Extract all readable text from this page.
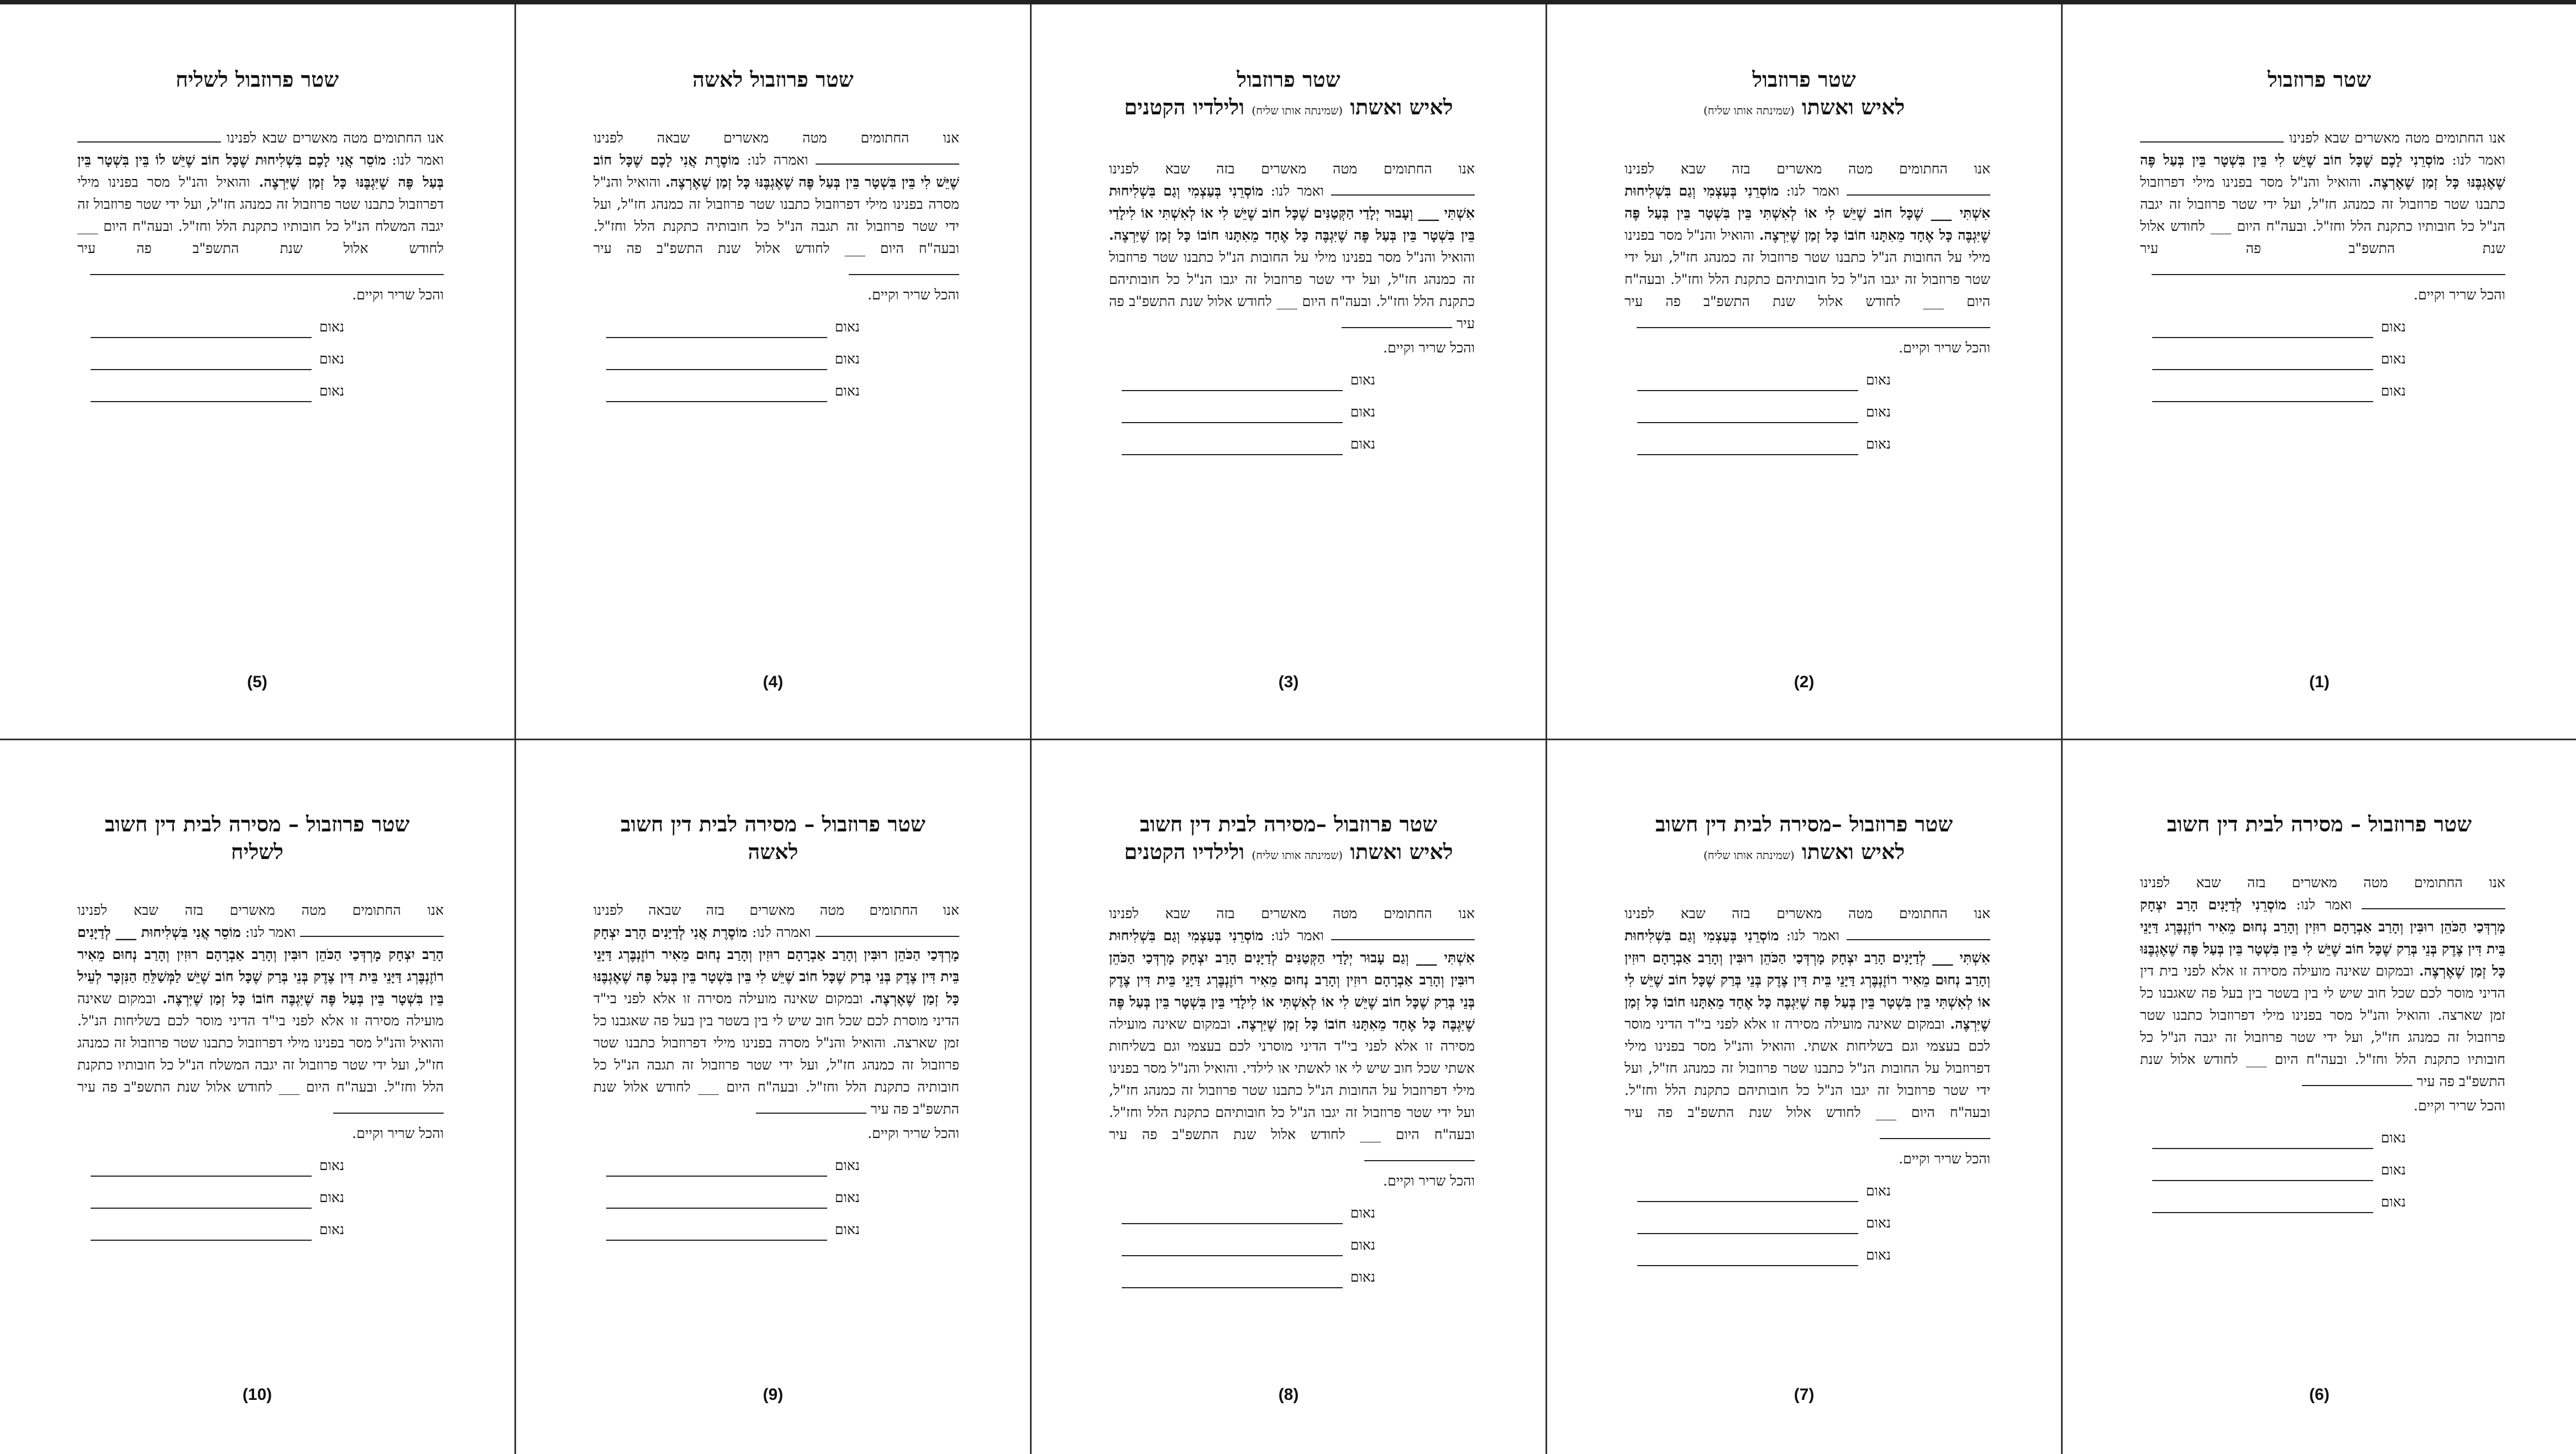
שטר פרוזבול לשליח
אנו החתומים מטה מאשרים שבא לפנינו  ואמר לנו: מוֹסֵר אֲנִי לָכֶם בִּשְׁלִיחוּת שֶׁכָּל חוֹב שֶׁיֵּשׁ לוֹ בֵּין בִּשְׁטָר בֵּין בְּעַל פֶּה שֶׁיִּגְבֶּנּוּ כָּל זְמַן שֶׁיִּרְצֶה. והואיל והנ"ל מסר בפנינו מילי דפרוזבול כתבנו שטר פרוזבול זה כמנהג חז"ל, ועל ידי שטר פרוזבול זה יגבה המשלח הנ"ל כל חובותיו כתקנת הלל וחז"ל. ובעה"ח היום ___ לחודש אלול שנת התשפ"ב פה עיר
והכל שריר וקיים.
נאום
נאום
נאום
(5)
שטר פרוזבול לאשה
אנו החתומים מטה מאשרים שבאה לפנינו  ואמרה לנו: מוֹסֶרֶת אֲנִי לָכֶם שֶׁכָּל חוֹב שֶׁיֵּשׁ לִי בֵּין בִּשְׁטָר בֵּין בְּעַל פֶּה שֶׁאֶגְבֶּנּוּ כָּל זְמַן שֶׁאֶרְצֶה. והואיל והנ"ל מסרה בפנינו מילי דפרוזבול כתבנו שטר פרוזבול זה כמנהג חז"ל, ועל ידי שטר פרוזבול זה תגבה הנ"ל כל חובותיה כתקנת הלל וחז"ל. ובעה"ח היום ___ לחודש אלול שנת התשפ"ב פה עיר
והכל שריר וקיים.
נאום
נאום
נאום
(4)
שטר פרוזבול
לאיש ואשתו (שמינתה אותו שליח) ולילדיו הקטנים
אנו החתומים מטה מאשרים בזה שבא לפנינו  ואמר לנו: מוֹסְרֵנִי בְּעַצְמִי וְגַם בִּשְׁלִיחוּת אִשְׁתִּי ___ וְעָבוּר יְלָדַי הַקְּטַנִּים שֶׁכָּל חוֹב שֶׁיֵּשׁ לִי אוֹ לְאִשְׁתִּי אוֹ לִילָדַי בֵּין בִּשְׁטָר בֵּין בְּעַל פֶּה שֶׁיִּגְבֶּה כָּל אֶחָד מֵאִתָּנוּ חוֹבוֹ כָּל זְמַן שֶׁיִּרְצֶה. והואיל והנ"ל מסר בפנינו מילי על החובות הנ"ל כתבנו שטר פרוזבול זה כמנהג חז"ל, ועל ידי שטר פרוזבול זה יגבו הנ"ל כל חובותיהם כתקנת הלל וחז"ל. ובעה"ח היום ___ לחודש אלול שנת התשפ"ב פה עיר
והכל שריר וקיים.
נאום
נאום
נאום
(3)
שטר פרוזבול
לאיש ואשתו (שמינתה אותו שליח)
אנו החתומים מטה מאשרים בזה שבא לפנינו  ואמר לנו: מוֹסְרֵנִי בְּעַצְמִי וְגַם בִּשְׁלִיחוּת אִשְׁתִּי ___ שֶׁכָּל חוֹב שֶׁיֵּשׁ לִי אוֹ לְאִשְׁתִּי בֵּין בִּשְׁטָר בֵּין בְּעַל פֶּה שֶׁיִּגְבֶּה כָּל אֶחָד מֵאִתָּנוּ חוֹבוֹ כָּל זְמַן שֶׁיִּרְצֶה. והואיל והנ"ל מסר בפנינו מילי על החובות הנ"ל כתבנו שטר פרוזבול זה כמנהג חז"ל, ועל ידי שטר פרוזבול זה יגבו הנ"ל כל חובותיהם כתקנת הלל וחז"ל. ובעה"ח היום ___ לחודש אלול שנת התשפ"ב פה עיר
והכל שריר וקיים.
נאום
נאום
נאום
(2)
שטר פרוזבול
אנו החתומים מטה מאשרים שבא לפנינו  ואמר לנו: מוֹסְרֵנִי לָכֶם שֶׁכָּל חוֹב שֶׁיֵּשׁ לִי בֵּין בִּשְׁטָר בֵּין בְּעַל פֶּה שֶׁאֶגְבֶּנּוּ כָּל זְמַן שֶׁאֶרְצֶה. והואיל והנ"ל מסר בפנינו מילי דפרוזבול כתבנו שטר פרוזבול זה כמנהג חז"ל, ועל ידי שטר פרוזבול זה יגבה הנ"ל כל חובותיו כתקנת הלל וחז"ל. ובעה"ח היום ___ לחודש אלול שנת התשפ"ב פה עיר
והכל שריר וקיים.
נאום
נאום
נאום
(1)
שטר פרוזבול – מסירה לבית דין חשוב
לשליח
אנו החתומים מטה מאשרים בזה שבא לפנינו  ואמר לנו: מוֹסֵר אֲנִי בִּשְׁלִיחוּת ___ לְדַיָּנִים הָרַב יִצְחָק מָרְדְּכַי הַכֹּהֵן רוּבִּין וְהָרַב אַבְרָהָם רוּזִין וְהָרַב נְחוּם מֵאִיר רוֹזֶנְבֶּרְג דַּיָּנֵי בֵּית דִּין צֶדֶק בְּנֵי בְּרַק שֶׁכָּל חוֹב שֶׁיֵּשׁ לַמְּשַׁלֵּחַ הַנִּזְכָּר לְעֵיל בֵּין בִּשְׁטָר בֵּין בְּעַל פֶּה שֶׁיִּגְבֶּה חוֹבוֹ כָּל זְמַן שֶׁיִּרְצֶה. ובמקום שאינה מועילה מסירה זו אלא לפני בי"ד הדיני מוסר לכם בשליחות הנ"ל. והואיל והנ"ל מסר בפנינו מילי דפרוזבול כתבנו שטר פרוזבול זה כמנהג חז"ל, ועל ידי שטר פרוזבול זה יגבה המשלח הנ"ל כל חובותיו כתקנת הלל וחז"ל. ובעה"ח היום ___ לחודש אלול שנת התשפ"ב פה עיר
והכל שריר וקיים.
נאום
נאום
נאום
(10)
שטר פרוזבול – מסירה לבית דין חשוב
לאשה
אנו החתומים מטה מאשרים בזה שבאה לפנינו  ואמרה לנו: מוֹסֶרֶת אֲנִי לְדַיָּנִים הָרַב יִצְחָק מָרְדְּכַי הַכֹּהֵן רוּבִּין וְהָרַב אַבְרָהָם רוּזִין וְהָרַב נְחוּם מֵאִיר רוֹזֶנְבֶּרְג דַּיָּנֵי בֵּית דִּין צֶדֶק בְּנֵי בְּרַק שֶׁכָּל חוֹב שֶׁיֵּשׁ לִי בֵּין בִּשְׁטָר בֵּין בְּעַל פֶּה שֶׁאֶגְבֶּנּוּ כָּל זְמַן שֶׁאֶרְצֶה. ובמקום שאינה מועילה מסירה זו אלא לפני בי"ד הדיני מוסרת לכם שכל חוב שיש לי בין בשטר בין בעל פה שאגבנו כל זמן שארצה. והואיל והנ"ל מסרה בפנינו מילי דפרוזבול כתבנו שטר פרוזבול זה כמנהג חז"ל, ועל ידי שטר פרוזבול זה תגבה הנ"ל כל חובותיה כתקנת הלל וחז"ל. ובעה"ח היום ___ לחודש אלול שנת התשפ"ב פה עיר
והכל שריר וקיים.
נאום
נאום
נאום
(9)
שטר פרוזבול –מסירה לבית דין חשוב
לאיש ואשתו (שמינתה אותו שליח) ולילדיו הקטנים
אנו החתומים מטה מאשרים בזה שבא לפנינו  ואמר לנו: מוֹסְרֵנִי בְּעַצְמִי וְגַם בִּשְׁלִיחוּת אִשְׁתִּי ___ וְגַם עָבוּר יְלָדַי הַקְּטַנִּים לְדַיָּנִים הָרַב יִצְחָק מָרְדְּכַי הַכֹּהֵן רוּבִּין וְהָרַב אַבְרָהָם רוּזִין וְהָרַב נְחוּם מֵאִיר רוֹזֶנְבֶּרְג דַּיָּנֵי בֵּית דִּין צֶדֶק בְּנֵי בְּרַק שֶׁכָּל חוֹב שֶׁיֵּשׁ לִי אוֹ לְאִשְׁתִּי אוֹ לִילָדַי בֵּין בִּשְׁטָר בֵּין בְּעַל פֶּה שֶׁיִּגְבֶּה כָּל אֶחָד מֵאִתָּנוּ חוֹבוֹ כָּל זְמַן שֶׁיִּרְצֶה. ובמקום שאינה מועילה מסירה זו אלא לפני בי"ד הדיני מוסרני לכם בעצמי וגם בשליחות אשתי שכל חוב שיש לי או לאשתי או לילדי. והואיל והנ"ל מסר בפנינו מילי דפרוזבול על החובות הנ"ל כתבנו שטר פרוזבול זה כמנהג חז"ל, ועל ידי שטר פרוזבול זה יגבו הנ"ל כל חובותיהם כתקנת הלל וחז"ל. ובעה"ח היום ___ לחודש אלול שנת התשפ"ב פה עיר
והכל שריר וקיים.
נאום
נאום
נאום
(8)
שטר פרוזבול –מסירה לבית דין חשוב
לאיש ואשתו (שמינתה אותו שליח)
אנו החתומים מטה מאשרים בזה שבא לפנינו  ואמר לנו: מוֹסְרֵנִי בְּעַצְמִי וְגַם בִּשְׁלִיחוּת אִשְׁתִּי ___ לְדַיָּנִים הָרַב יִצְחָק מָרְדְּכַי הַכֹּהֵן רוּבִּין וְהָרַב אַבְרָהָם רוּזִין וְהָרַב נְחוּם מֵאִיר רוֹזֶנְבֶּרְג דַּיָּנֵי בֵּית דִּין צֶדֶק בְּנֵי בְּרַק שֶׁכָּל חוֹב שֶׁיֵּשׁ לִי אוֹ לְאִשְׁתִּי בֵּין בִּשְׁטָר בֵּין בְּעַל פֶּה שֶׁיִּגְבֶּה כָּל אֶחָד מֵאִתָּנוּ חוֹבוֹ כָּל זְמַן שֶׁיִּרְצֶה. ובמקום שאינה מועילה מסירה זו אלא לפני בי"ד הדיני מוסר לכם בעצמי וגם בשליחות אשתי. והואיל והנ"ל מסר בפנינו מילי דפרוזבול על החובות הנ"ל כתבנו שטר פרוזבול זה כמנהג חז"ל, ועל ידי שטר פרוזבול זה יגבו הנ"ל כל חובותיהם כתקנת הלל וחז"ל. ובעה"ח היום ___ לחודש אלול שנת התשפ"ב פה עיר
והכל שריר וקיים.
נאום
נאום
נאום
(7)
שטר פרוזבול – מסירה לבית דין חשוב
אנו החתומים מטה מאשרים בזה שבא לפנינו  ואמר לנו: מוֹסְרֵנִי לְדַיָּנִים הָרַב יִצְחָק מָרְדְּכַי הַכֹּהֵן רוּבִּין וְהָרַב אַבְרָהָם רוּזִין וְהָרַב נְחוּם מֵאִיר רוֹזֶנְבֶּרְג דַּיָּנֵי בֵּית דִּין צֶדֶק בְּנֵי בְּרַק שֶׁכָּל חוֹב שֶׁיֵּשׁ לִי בֵּין בִּשְׁטָר בֵּין בְּעַל פֶּה שֶׁאֶגְבֶּנּוּ כָּל זְמַן שֶׁאֶרְצֶה. ובמקום שאינה מועילה מסירה זו אלא לפני בית דין הדיני מוסר לכם שכל חוב שיש לי בין בשטר בין בעל פה שאגבנו כל זמן שארצה. והואיל והנ"ל מסר בפנינו מילי דפרוזבול כתבנו שטר פרוזבול זה כמנהג חז"ל, ועל ידי שטר פרוזבול זה יגבה הנ"ל כל חובותיו כתקנת הלל וחז"ל. ובעה"ח היום ___ לחודש אלול שנת התשפ"ב פה עיר
והכל שריר וקיים.
נאום
נאום
נאום
(6)
